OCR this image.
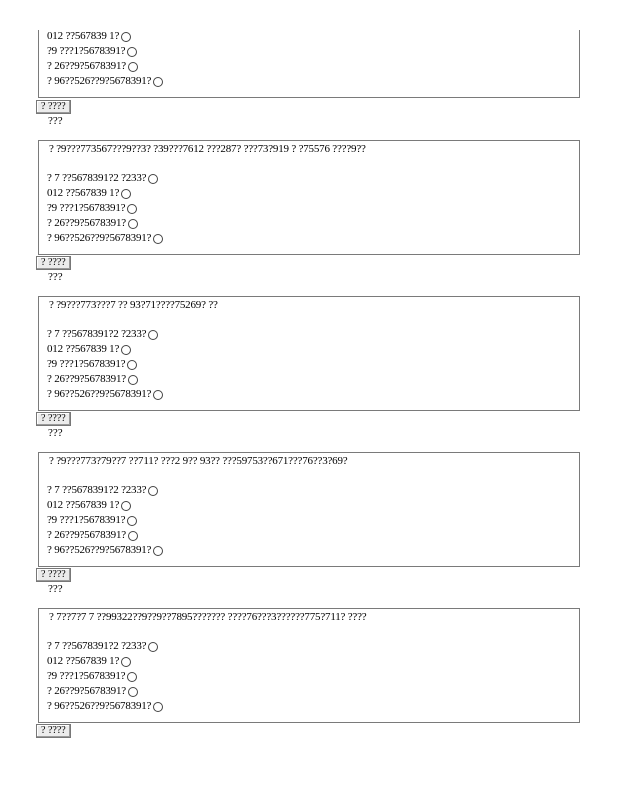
012 ??567839 1?
?9 ???1?5678391?
? 26??9?5678391?
? 96??526??9?5678391?
? ????
???
? ?9???773567???9??3? ?39???7612 ???287? ???73?919 ? ?75576 ????9??
? 7 ??5678391?2 ?233?
012 ??567839 1?
?9 ???1?5678391?
? 26??9?5678391?
? 96??526??9?5678391?
? ????
???
? ?9???773???7 ?? 93?71????75269? ??
? 7 ??5678391?2 ?233?
012 ??567839 1?
?9 ???1?5678391?
? 26??9?5678391?
? 96??526??9?5678391?
? ????
???
? ?9???773?79??7 ??711? ???2 9?? 93?? ???59753??671???76??3?69?
? 7 ??5678391?2 ?233?
012 ??567839 1?
?9 ???1?5678391?
? 26??9?5678391?
? 96??526??9?5678391?
? ????
???
? 7??7?7 7 ??99322??9??9??7895??????? ????76???3??????775?711? ????
? 7 ??5678391?2 ?233?
012 ??567839 1?
?9 ???1?5678391?
? 26??9?5678391?
? 96??526??9?5678391?
? ????
